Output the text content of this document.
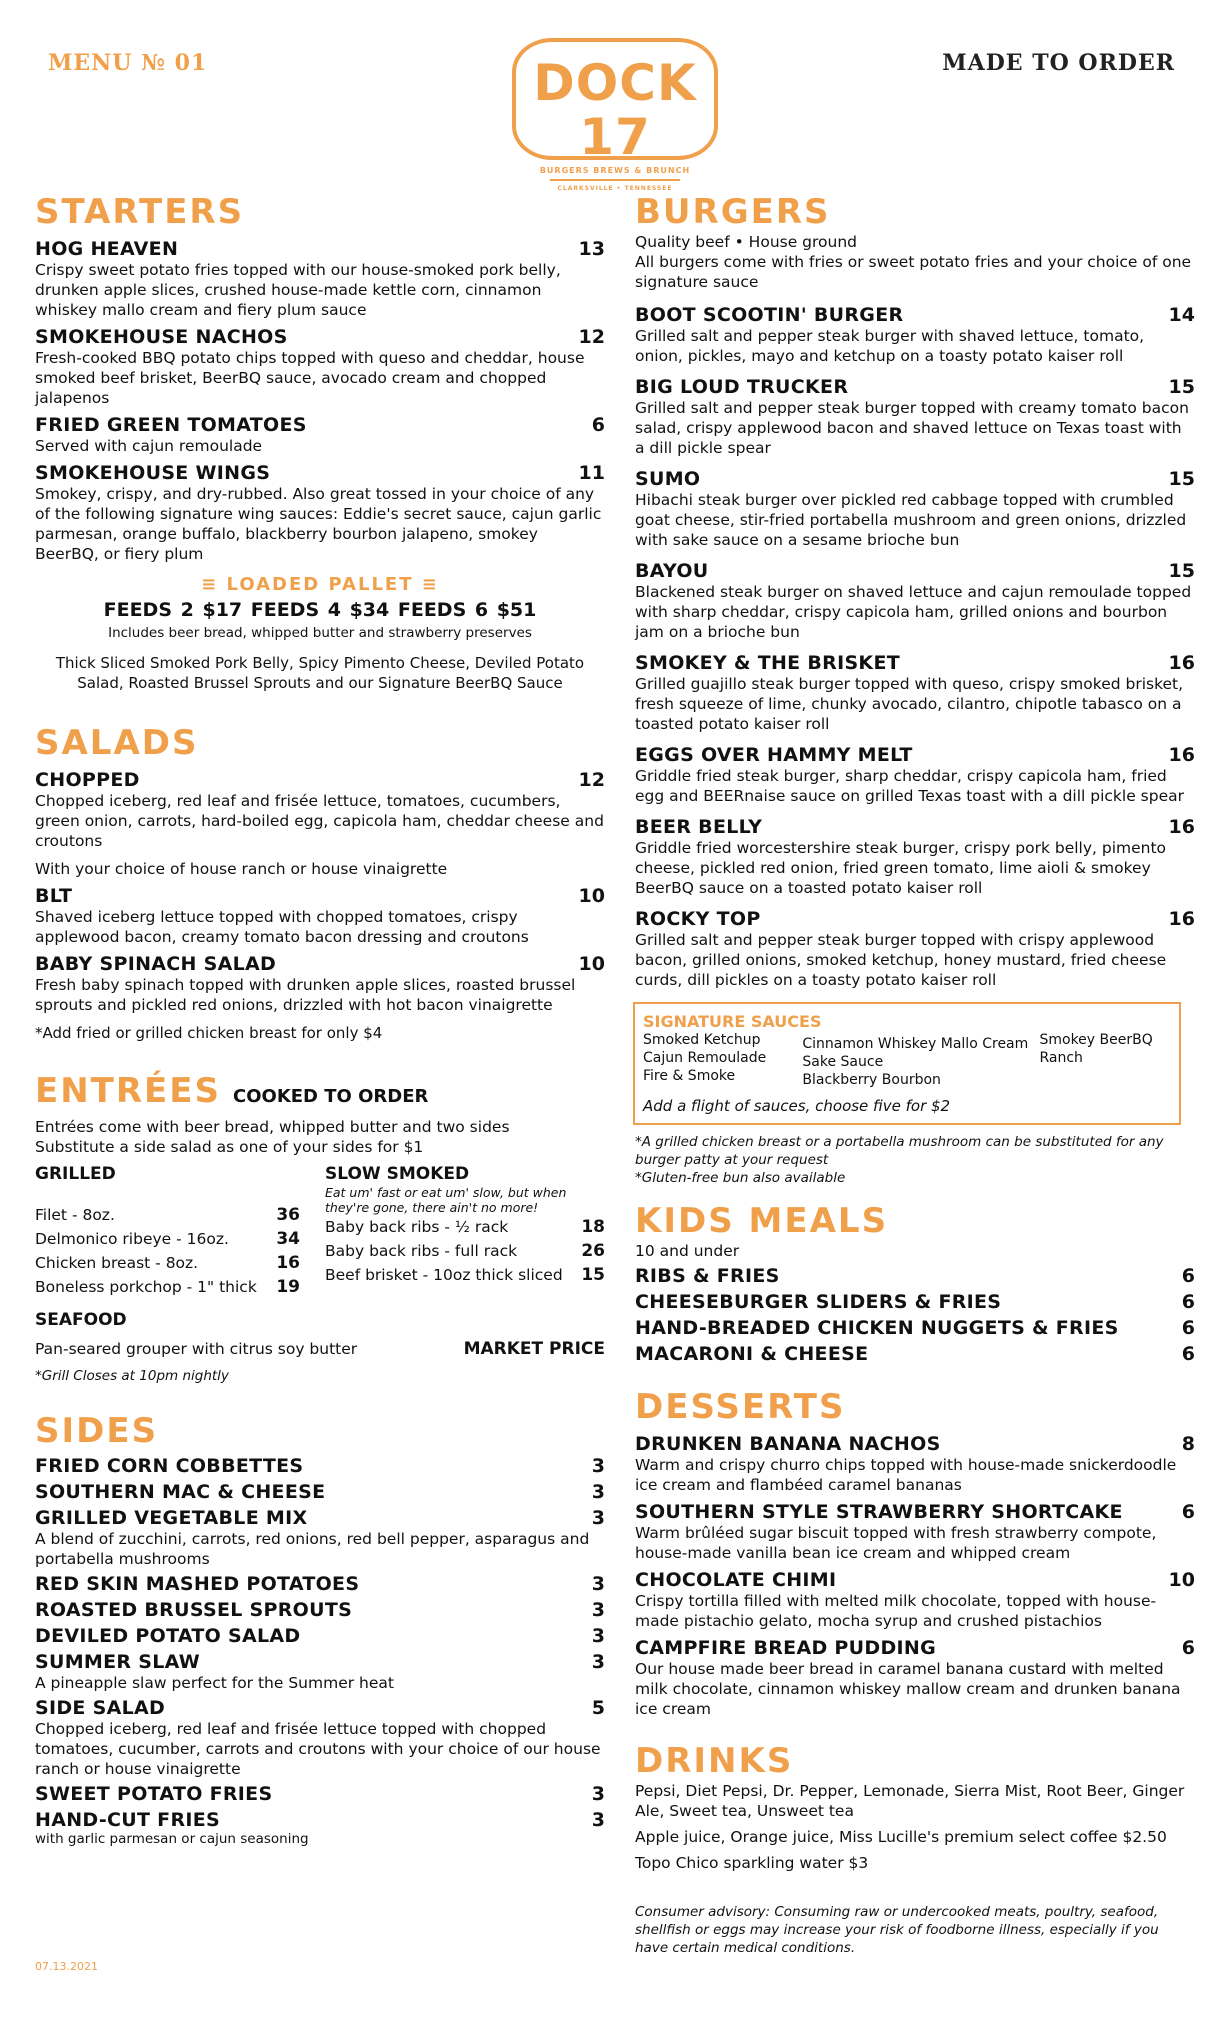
MENU № 01	MADE TO ORDER
DOCK 17
BURGERS BREWS & BRUNCH
CLARKSVILLE • TENNESSEE
STARTERS
HOG HEAVEN	13
Crispy sweet potato fries topped with our house-smoked pork belly, drunken apple slices, crushed house-made kettle corn, cinnamon whiskey mallo cream and fiery plum sauce
SMOKEHOUSE NACHOS	12
Fresh-cooked BBQ potato chips topped with queso and cheddar, house smoked beef brisket, BeerBQ sauce, avocado cream and chopped jalapenos
FRIED GREEN TOMATOES	6
Served with cajun remoulade
SMOKEHOUSE WINGS	11
Smokey, crispy, and dry-rubbed. Also great tossed in your choice of any of the following signature wing sauces: Eddie's secret sauce, cajun garlic parmesan, orange buffalo, blackberry bourbon jalapeno, smokey BeerBQ, or fiery plum
≡ LOADED PALLET ≡
FEEDS 2 $17 FEEDS 4 $34 FEEDS 6 $51
Includes beer bread, whipped butter and strawberry preserves
Thick Sliced Smoked Pork Belly, Spicy Pimento Cheese, Deviled Potato Salad, Roasted Brussel Sprouts and our Signature BeerBQ Sauce
SALADS
CHOPPED	12
Chopped iceberg, red leaf and frisée lettuce, tomatoes, cucumbers, green onion, carrots, hard-boiled egg, capicola ham, cheddar cheese and croutons
With your choice of house ranch or house vinaigrette
BLT	10
Shaved iceberg lettuce topped with chopped tomatoes, crispy applewood bacon, creamy tomato bacon dressing and croutons
BABY SPINACH SALAD	10
Fresh baby spinach topped with drunken apple slices, roasted brussel sprouts and pickled red onions, drizzled with hot bacon vinaigrette
*Add fried or grilled chicken breast for only $4
ENTRÉES COOKED TO ORDER
Entrées come with beer bread, whipped butter and two sides
Substitute a side salad as one of your sides for $1
GRILLED
Filet - 8oz.	36
Delmonico ribeye - 16oz.	34
Chicken breast - 8oz.	16
Boneless porkchop - 1" thick 19
SLOW SMOKED
Eat um' fast or eat um' slow, but when they're gone, there ain't no more!
Baby back ribs - ½ rack	18
Baby back ribs - full rack	26
Beef brisket - 10oz thick sliced 15
SEAFOOD
Pan-seared grouper with citrus soy butter	MARKET PRICE
*Grill Closes at 10pm nightly
SIDES
FRIED CORN COBBETTES	3
SOUTHERN MAC & CHEESE	3
GRILLED VEGETABLE MIX	3
A blend of zucchini, carrots, red onions, red bell pepper, asparagus and portabella mushrooms
RED SKIN MASHED POTATOES	3
ROASTED BRUSSEL SPROUTS	3
DEVILED POTATO SALAD	3
SUMMER SLAW	3
A pineapple slaw perfect for the Summer heat
SIDE SALAD	5
Chopped iceberg, red leaf and frisée lettuce topped with chopped tomatoes, cucumber, carrots and croutons with your choice of our house ranch or house vinaigrette
SWEET POTATO FRIES	3
HAND-CUT FRIES	3
with garlic parmesan or cajun seasoning
BURGERS
Quality beef • House ground
All burgers come with fries or sweet potato fries and your choice of one signature sauce
BOOT SCOOTIN' BURGER	14
Grilled salt and pepper steak burger with shaved lettuce, tomato, onion, pickles, mayo and ketchup on a toasty potato kaiser roll
BIG LOUD TRUCKER	15
Grilled salt and pepper steak burger topped with creamy tomato bacon salad, crispy applewood bacon and shaved lettuce on Texas toast with a dill pickle spear
SUMO	15
Hibachi steak burger over pickled red cabbage topped with crumbled goat cheese, stir-fried portabella mushroom and green onions, drizzled with sake sauce on a sesame brioche bun
BAYOU	15
Blackened steak burger on shaved lettuce and cajun remoulade topped with sharp cheddar, crispy capicola ham, grilled onions and bourbon jam on a brioche bun
SMOKEY & THE BRISKET	16
Grilled guajillo steak burger topped with queso, crispy smoked brisket, fresh squeeze of lime, chunky avocado, cilantro, chipotle tabasco on a toasted potato kaiser roll
EGGS OVER HAMMY MELT	16
Griddle fried steak burger, sharp cheddar, crispy capicola ham, fried egg and BEERnaise sauce on grilled Texas toast with a dill pickle spear
BEER BELLY	16
Griddle fried worcestershire steak burger, crispy pork belly, pimento cheese, pickled red onion, fried green tomato, lime aioli & smokey BeerBQ sauce on a toasted potato kaiser roll
ROCKY TOP	16
Grilled salt and pepper steak burger topped with crispy applewood bacon, grilled onions, smoked ketchup, honey mustard, fried cheese curds, dill pickles on a toasty potato kaiser roll
SIGNATURE SAUCES
Smoked Ketchup
Cajun Remoulade
Fire & Smoke
Cinnamon Whiskey Mallo Cream
Sake Sauce
Blackberry Bourbon
Smokey BeerBQ
Ranch
Add a flight of sauces, choose five for $2
*A grilled chicken breast or a portabella mushroom can be substituted for any burger patty at your request
*Gluten-free bun also available
KIDS MEALS
10 and under
RIBS & FRIES	6
CHEESEBURGER SLIDERS & FRIES	6
HAND-BREADED CHICKEN NUGGETS & FRIES	6
MACARONI & CHEESE	6
DESSERTS
DRUNKEN BANANA NACHOS	8
Warm and crispy churro chips topped with house-made snickerdoodle ice cream and flambéed caramel bananas
SOUTHERN STYLE STRAWBERRY SHORTCAKE	6
Warm brûléed sugar biscuit topped with fresh strawberry compote, house-made vanilla bean ice cream and whipped cream
CHOCOLATE CHIMI	10
Crispy tortilla filled with melted milk chocolate, topped with house-made pistachio gelato, mocha syrup and crushed pistachios
CAMPFIRE BREAD PUDDING	6
Our house made beer bread in caramel banana custard with melted milk chocolate, cinnamon whiskey mallow cream and drunken banana ice cream
DRINKS
Pepsi, Diet Pepsi, Dr. Pepper, Lemonade, Sierra Mist, Root Beer, Ginger Ale, Sweet tea, Unsweet tea
Apple juice, Orange juice, Miss Lucille's premium select coffee $2.50
Topo Chico sparkling water $3
Consumer advisory: Consuming raw or undercooked meats, poultry, seafood, shellfish or eggs may increase your risk of foodborne illness, especially if you have certain medical conditions.
07.13.2021
